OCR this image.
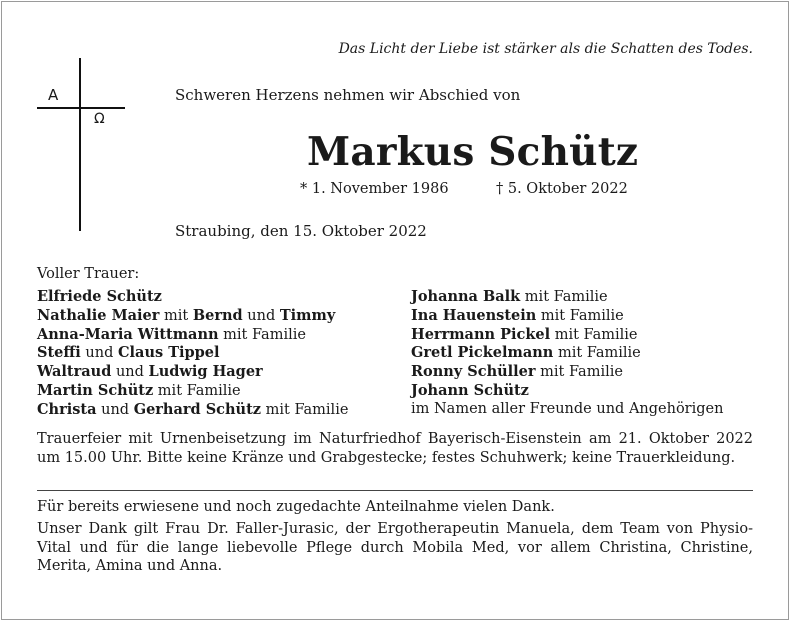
Das Licht der Liebe ist stärker als die Schatten des Todes.
A
Ω
Schweren Herzens nehmen wir Abschied von
Markus Schütz
* 1. November 1986	† 5. Oktober 2022
Straubing, den 15. Oktober 2022
Voller Trauer:
Elfriede Schütz
Nathalie Maier mit Bernd und Timmy
Anna-Maria Wittmann mit Familie
Steffi und Claus Tippel
Waltraud und Ludwig Hager
Martin Schütz mit Familie
Christa und Gerhard Schütz mit Familie
Johanna Balk mit Familie
Ina Hauenstein mit Familie
Herrmann Pickel mit Familie
Gretl Pickelmann mit Familie
Ronny Schüller mit Familie
Johann Schütz
im Namen aller Freunde und Angehörigen
Trauerfeier mit Urnenbeisetzung im Naturfriedhof Bayerisch-Eisenstein am 21. Oktober 2022 um 15.00 Uhr. Bitte keine Kränze und Grabgestecke; festes Schuhwerk; keine Trauerkleidung.
Für bereits erwiesene und noch zugedachte Anteilnahme vielen Dank.
Unser Dank gilt Frau Dr. Faller-Jurasic, der Ergotherapeutin Manuela, dem Team von Physio- Vital und für die lange liebevolle Pflege durch Mobila Med, vor allem Christina, Christine, Merita, Amina und Anna.
